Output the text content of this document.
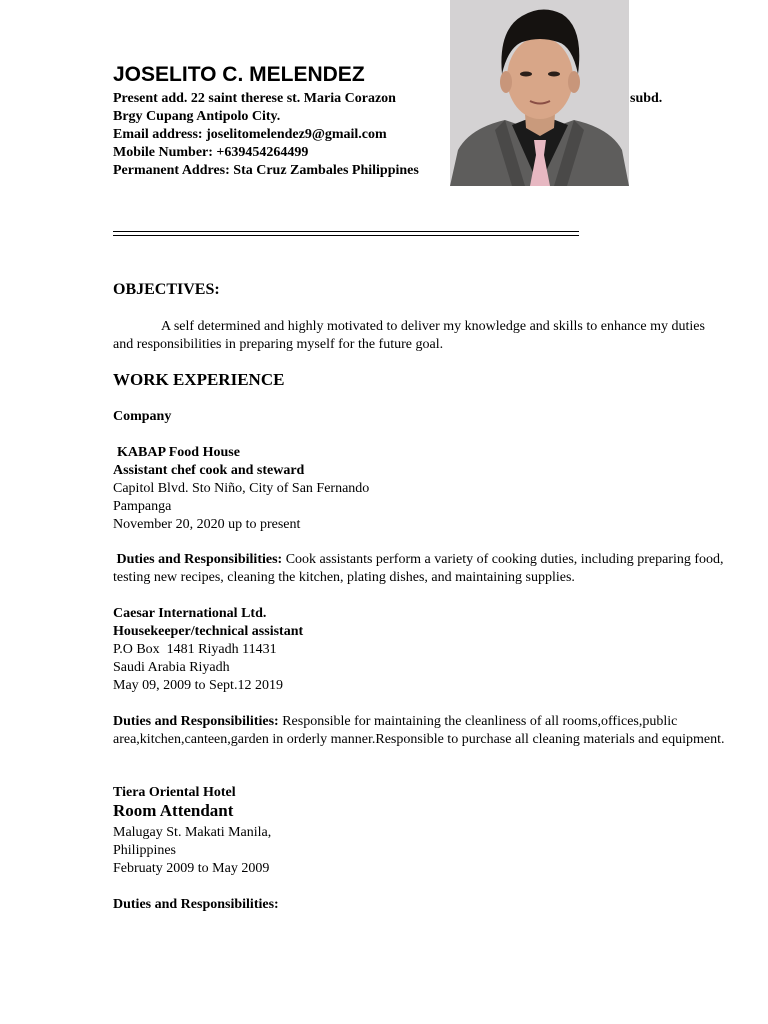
JOSELITO C. MELENDEZ
Present add. 22 saint therese st. Maria Corazon	subd.
Brgy Cupang Antipolo City.
Email address: joselitomelendez9@gmail.com
Mobile Number: +639454264499
Permanent Addres: Sta Cruz Zambales Philippines
OBJECTIVES:
A self determined and highly motivated to deliver my knowledge and skills to enhance my duties and responsibilities in preparing myself for the future goal.
WORK EXPERIENCE
Company
KABAP Food House
Assistant chef cook and steward
Capitol Blvd. Sto Niño, City of San Fernando
Pampanga
November 20, 2020 up to present
Duties and Responsibilities: Cook assistants perform a variety of cooking duties, including preparing food, testing new recipes, cleaning the kitchen, plating dishes, and maintaining supplies.
Caesar International Ltd.
Housekeeper/technical assistant
P.O Box  1481 Riyadh 11431
Saudi Arabia Riyadh
May 09, 2009 to Sept.12 2019
Duties and Responsibilities: Responsible for maintaining the cleanliness of all rooms,offices,public area,kitchen,canteen,garden in orderly manner.Responsible to purchase all cleaning materials and equipment.
Tiera Oriental Hotel
Room Attendant
Malugay St. Makati Manila,
Philippines
Februaty 2009 to May 2009
Duties and Responsibilities:
